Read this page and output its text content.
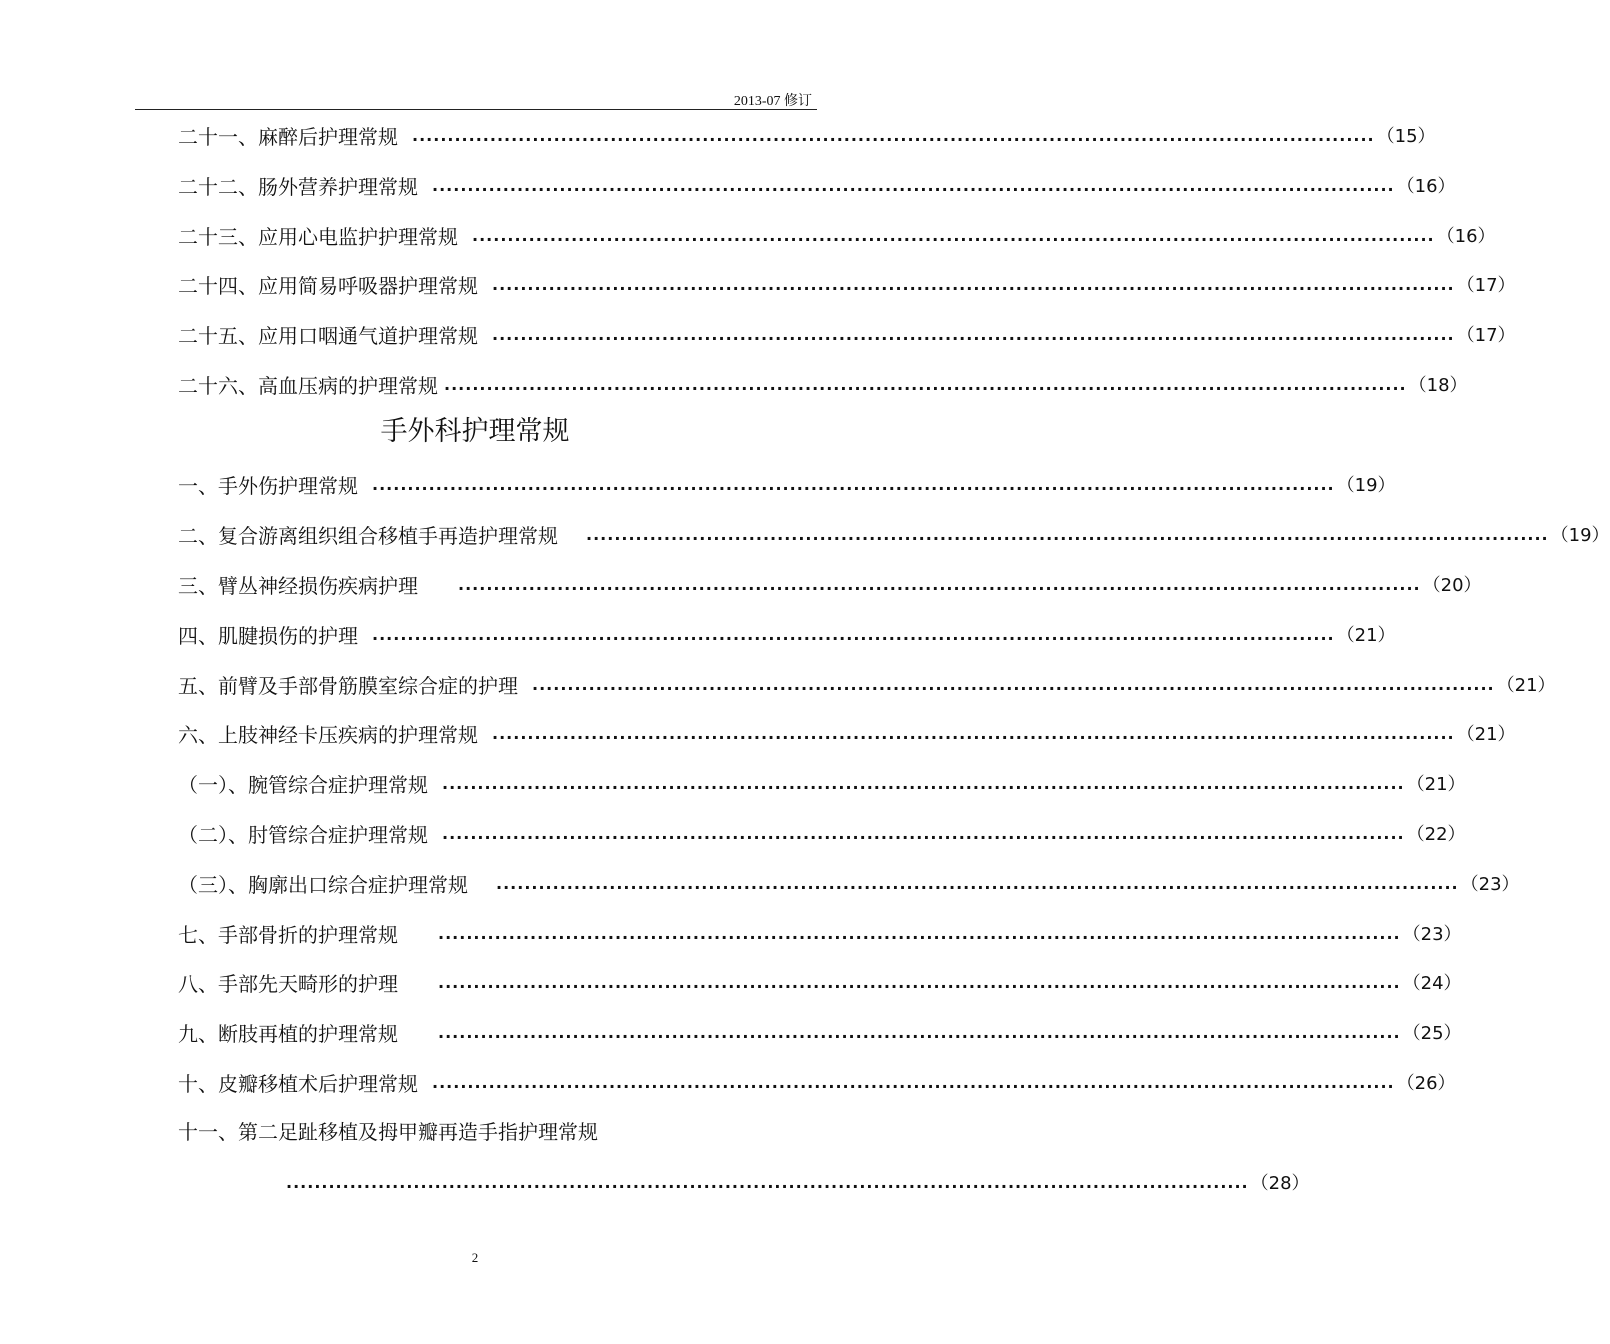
2013-07 修订
二十一、麻醉后护理常规 ........................................................................................................................................ （15）
二十二、肠外营养护理常规 ........................................................................................................................................ （16）
二十三、应用心电监护护理常规 ........................................................................................................................................ （16）
二十四、应用简易呼吸器护理常规 ........................................................................................................................................ （17）
二十五、应用口咽通气道护理常规 ........................................................................................................................................ （17）
二十六、高血压病的护理常规 ........................................................................................................................................ （18）
手外科护理常规
一、手外伤护理常规 ........................................................................................................................................ （19）
二、复合游离组织组合移植手再造护理常规 ........................................................................................................................................ （19）
三、臂丛神经损伤疾病护理	........................................................................................................................................ （20）
四、肌腱损伤的护理 ........................................................................................................................................ （21）
五、前臂及手部骨筋膜室综合症的护理 ........................................................................................................................................ （21）
六、上肢神经卡压疾病的护理常规 ........................................................................................................................................ （21）
（一）、腕管综合症护理常规 ........................................................................................................................................ （21）
（二）、肘管综合症护理常规 ........................................................................................................................................ （22）
（三）、胸廓出口综合症护理常规 ........................................................................................................................................ （23）
七、手部骨折的护理常规	........................................................................................................................................ （23）
八、手部先天畸形的护理	........................................................................................................................................ （24）
九、断肢再植的护理常规	........................................................................................................................................ （25）
十、皮瓣移植术后护理常规 ........................................................................................................................................ （26）
十一、第二足趾移植及拇甲瓣再造手指护理常规
........................................................................................................................................ （28）
2
